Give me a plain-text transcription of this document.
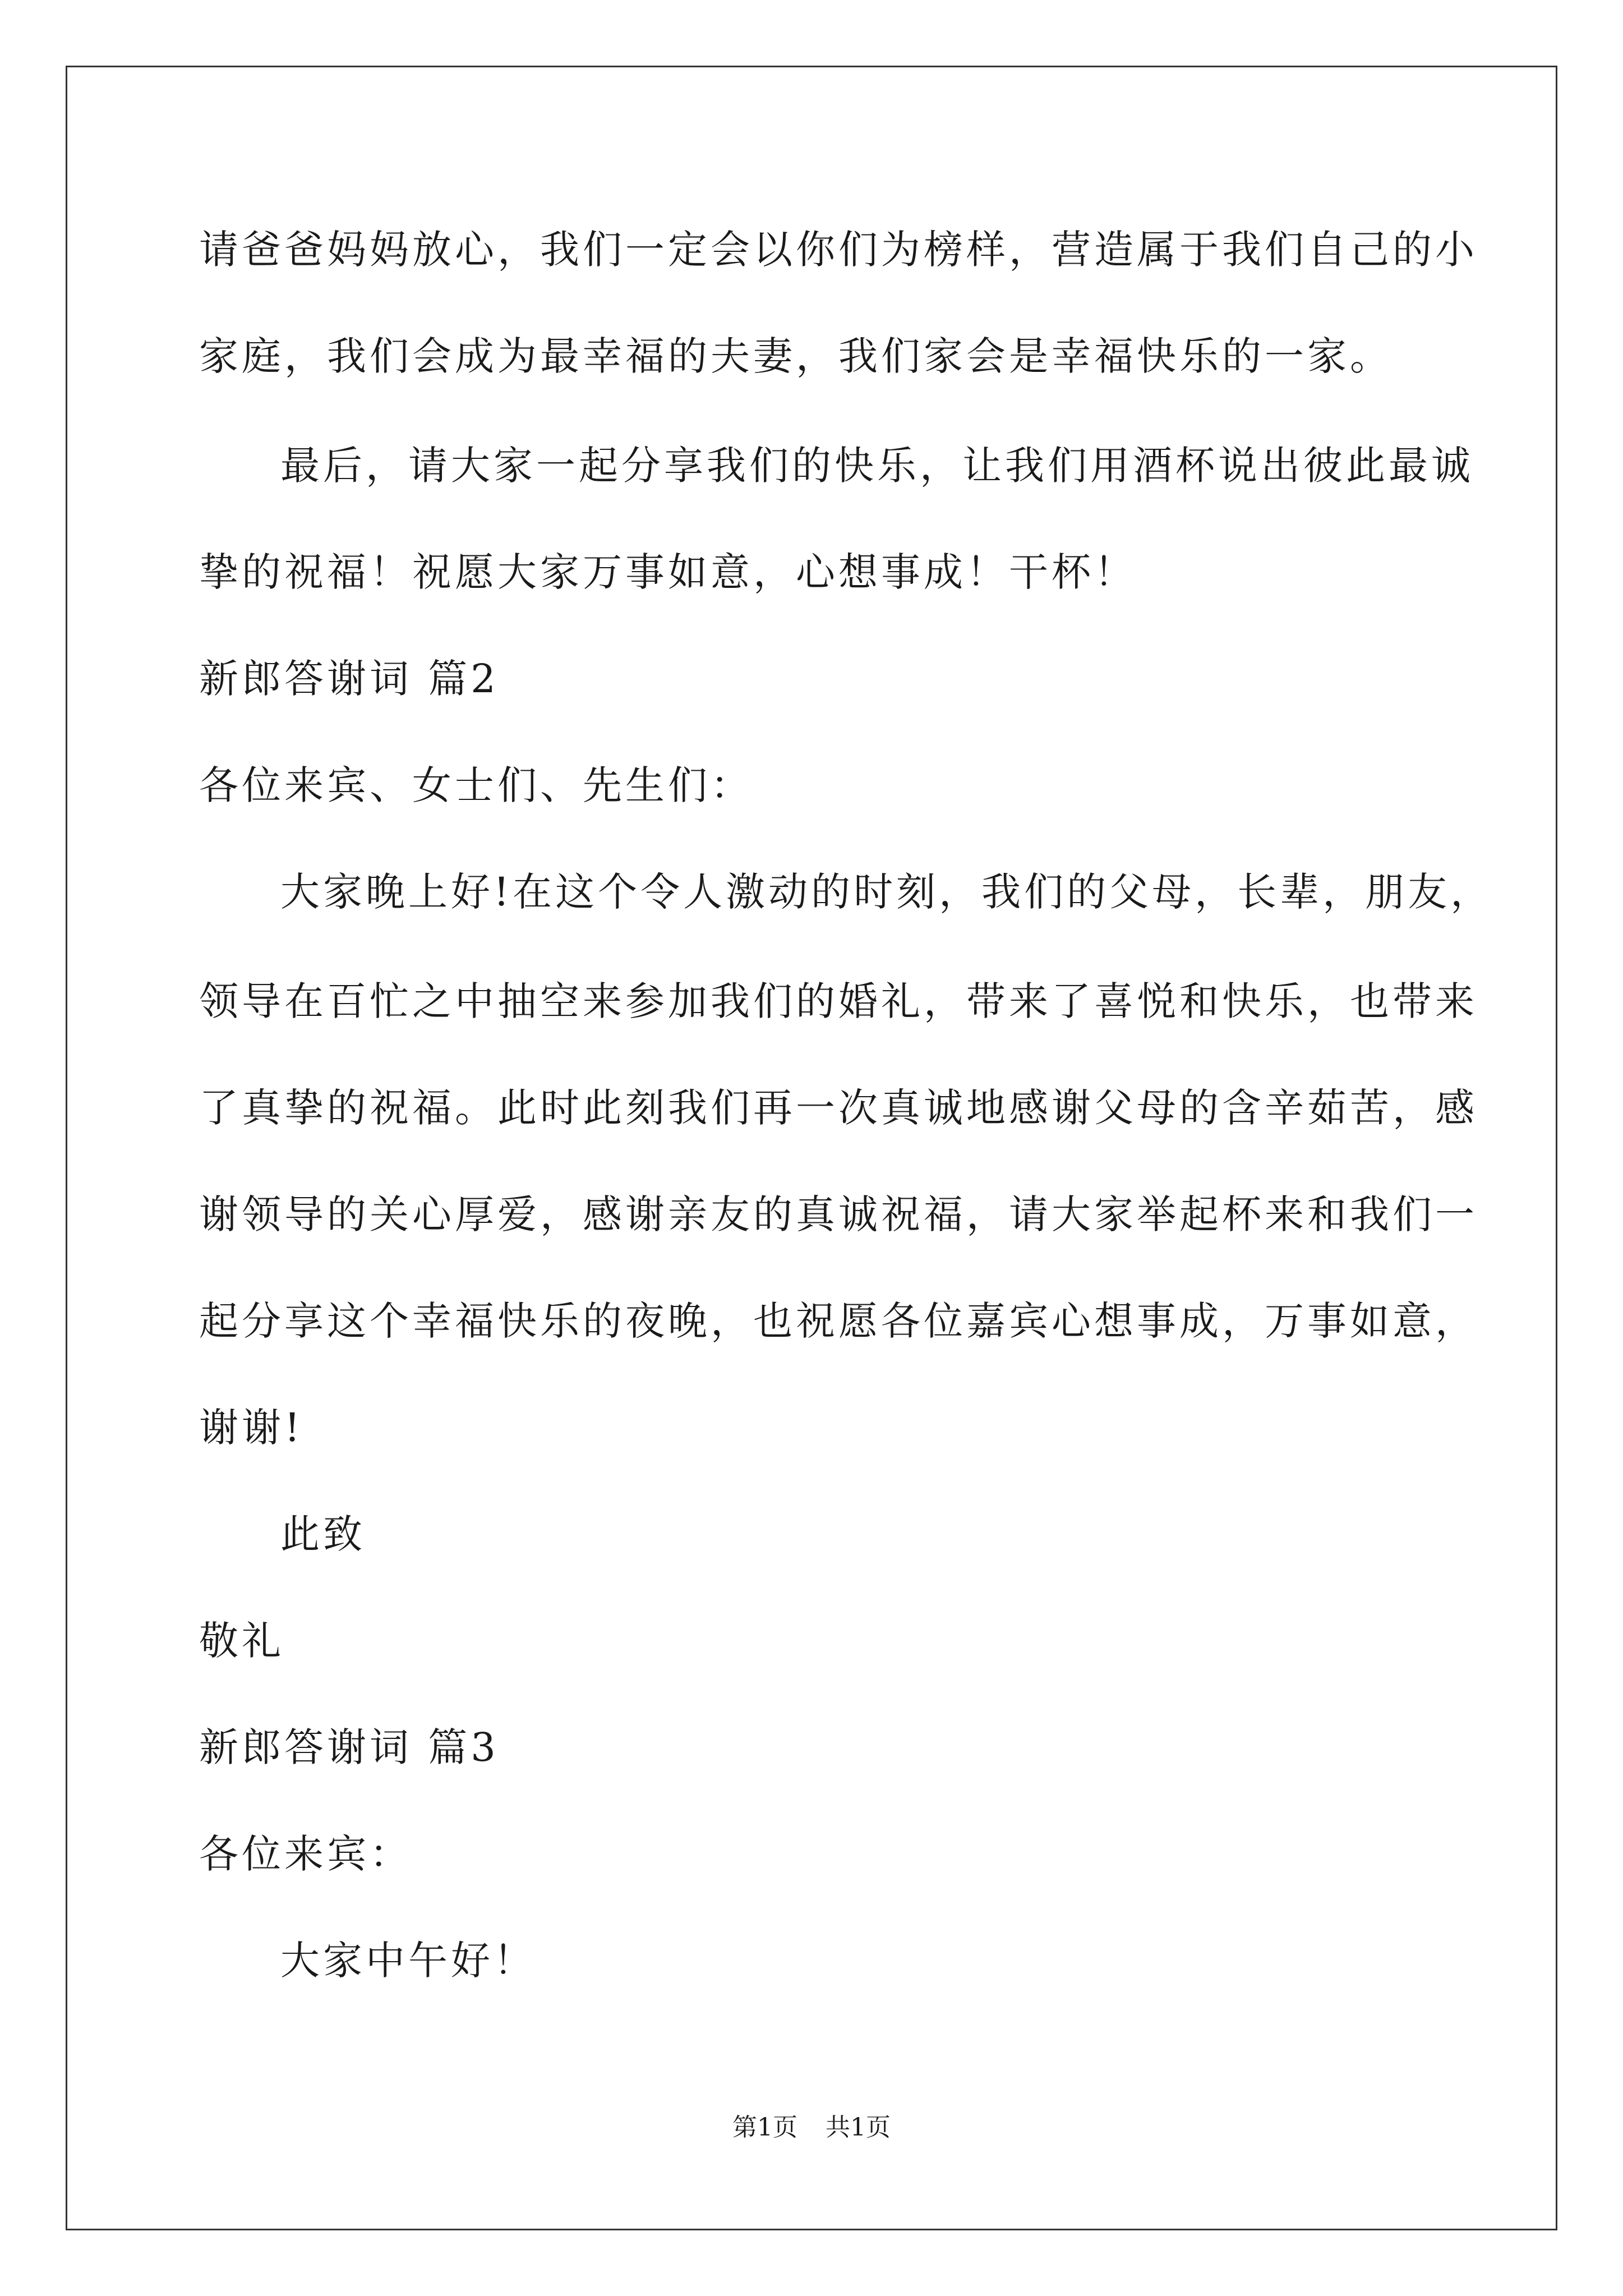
请爸爸妈妈放心，我们一定会以你们为榜样，营造属于我们自己的小
家庭，我们会成为最幸福的夫妻，我们家会是幸福快乐的一家。
最后，请大家一起分享我们的快乐，让我们用酒杯说出彼此最诚
挚的祝福！祝愿大家万事如意，心想事成！干杯！
新郎答谢词 篇2
各位来宾、女士们、先生们：
大家晚上好!在这个令人激动的时刻，我们的父母，长辈，朋友，
领导在百忙之中抽空来参加我们的婚礼，带来了喜悦和快乐，也带来
了真挚的祝福。此时此刻我们再一次真诚地感谢父母的含辛茹苦，感
谢领导的关心厚爱，感谢亲友的真诚祝福，请大家举起杯来和我们一
起分享这个幸福快乐的夜晚，也祝愿各位嘉宾心想事成，万事如意，
谢谢!
此致
敬礼
新郎答谢词 篇3
各位来宾：
大家中午好！
第1页 共1页
